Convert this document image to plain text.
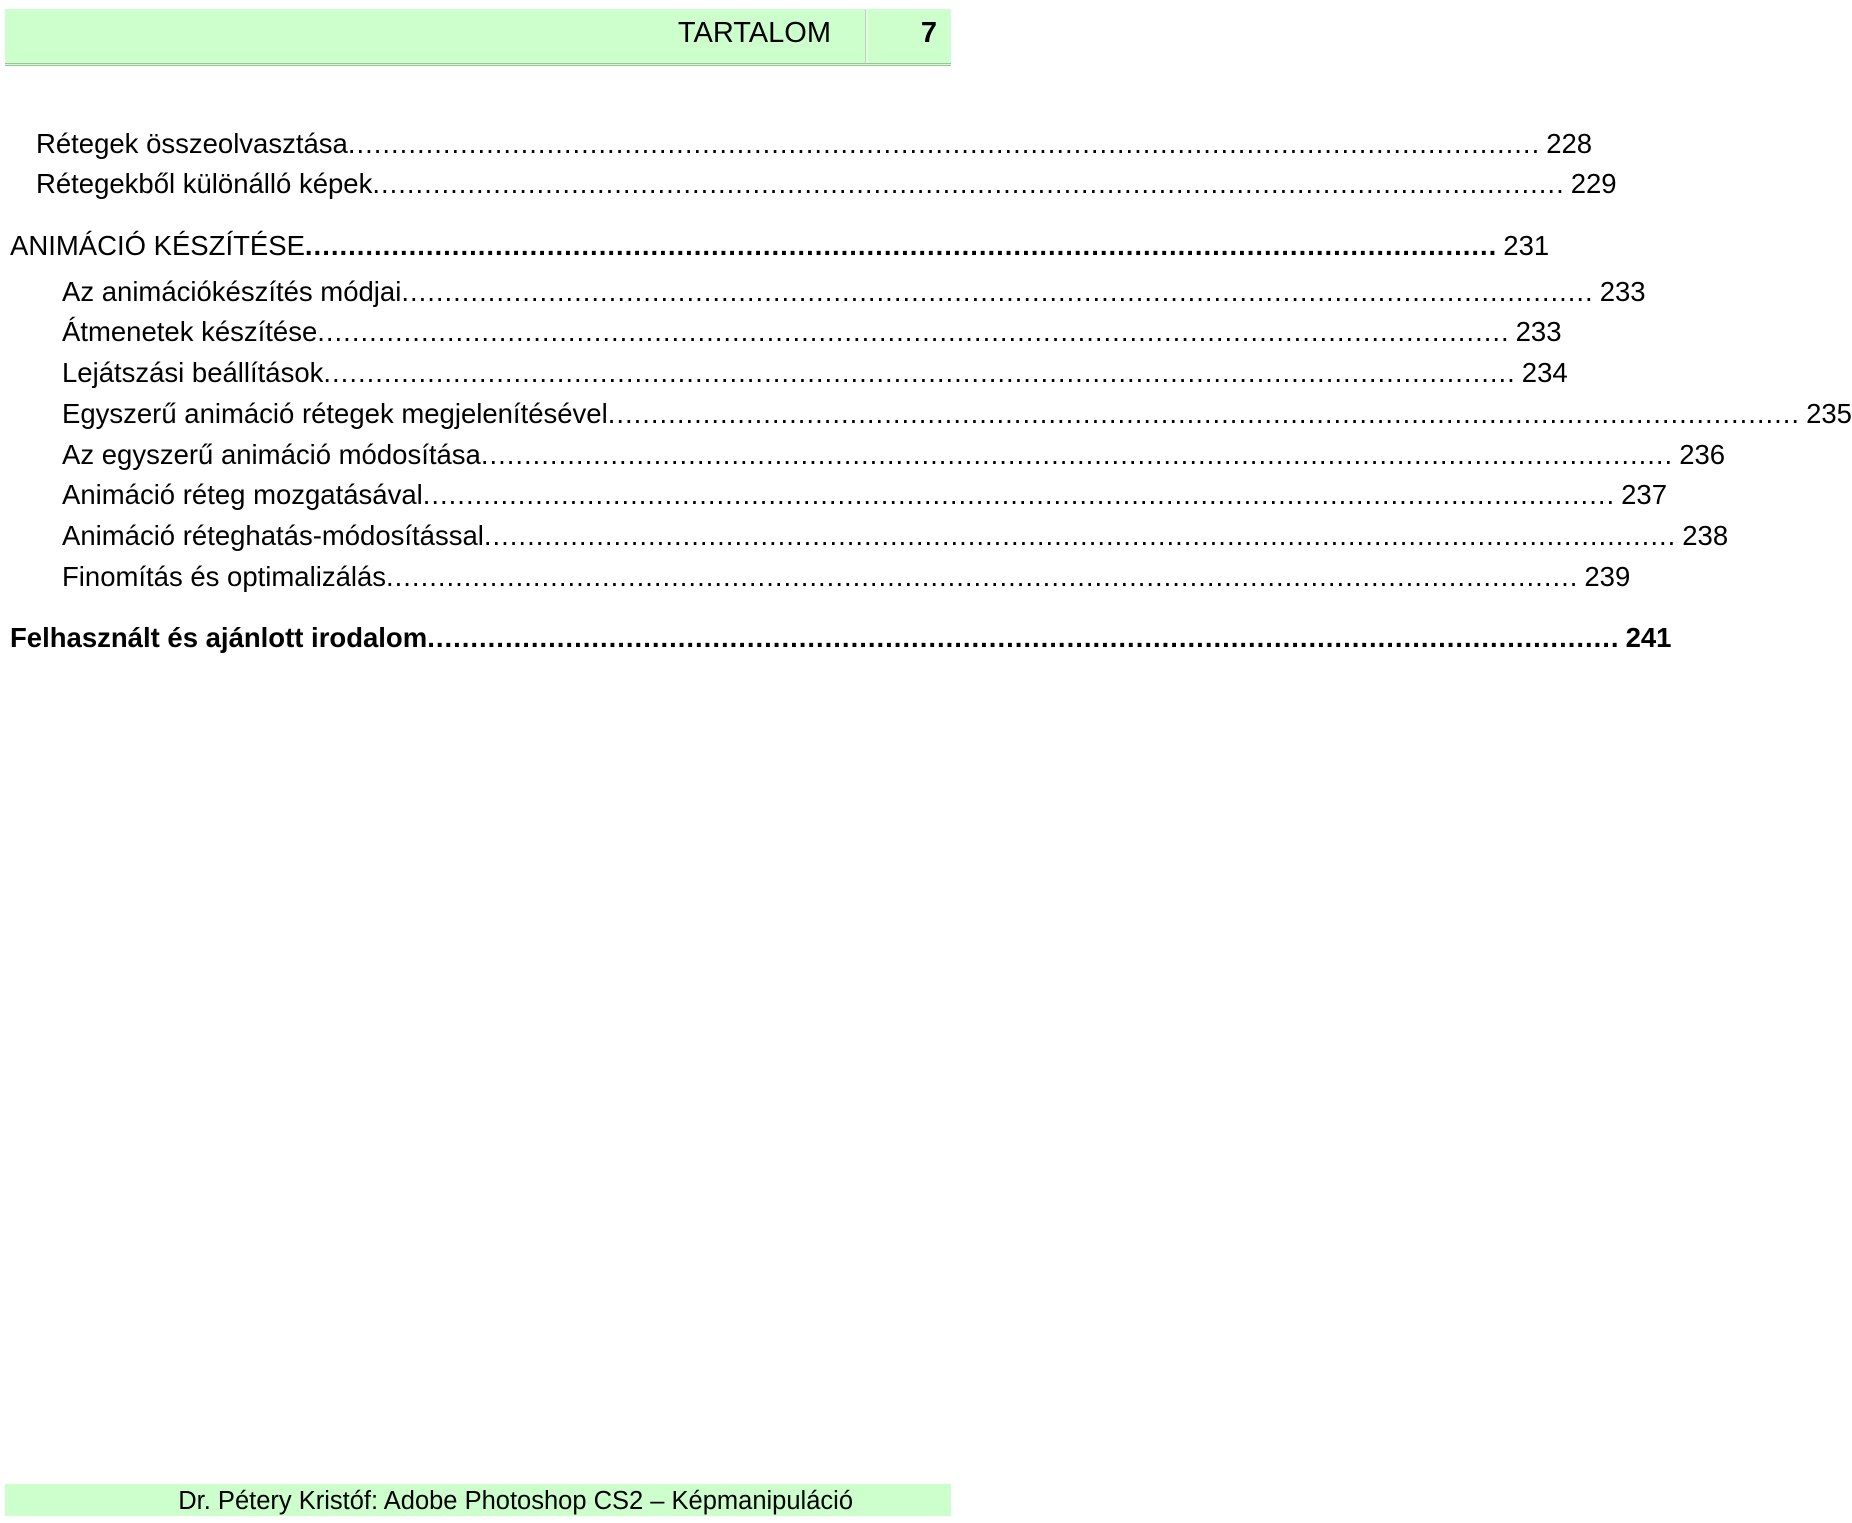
TARTALOM	7
Rétegek összeolvasztása .......................................................................................................................................... 228
Rétegekből különálló képek .......................................................................................................................................... 229
ANIMÁCIÓ KÉSZÍTÉSE .......................................................................................................................................... 231
Az animációkészítés módjai .......................................................................................................................................... 233
Átmenetek készítése .......................................................................................................................................... 233
Lejátszási beállítások .......................................................................................................................................... 234
Egyszerű animáció rétegek megjelenítésével .......................................................................................................................................... 235
Az egyszerű animáció módosítása .......................................................................................................................................... 236
Animáció réteg mozgatásával .......................................................................................................................................... 237
Animáció réteghatás-módosítással .......................................................................................................................................... 238
Finomítás és optimalizálás .......................................................................................................................................... 239
Felhasznált és ajánlott irodalom .......................................................................................................................................... 241
Dr. Pétery Kristóf: Adobe Photoshop CS2 – Képmanipuláció
